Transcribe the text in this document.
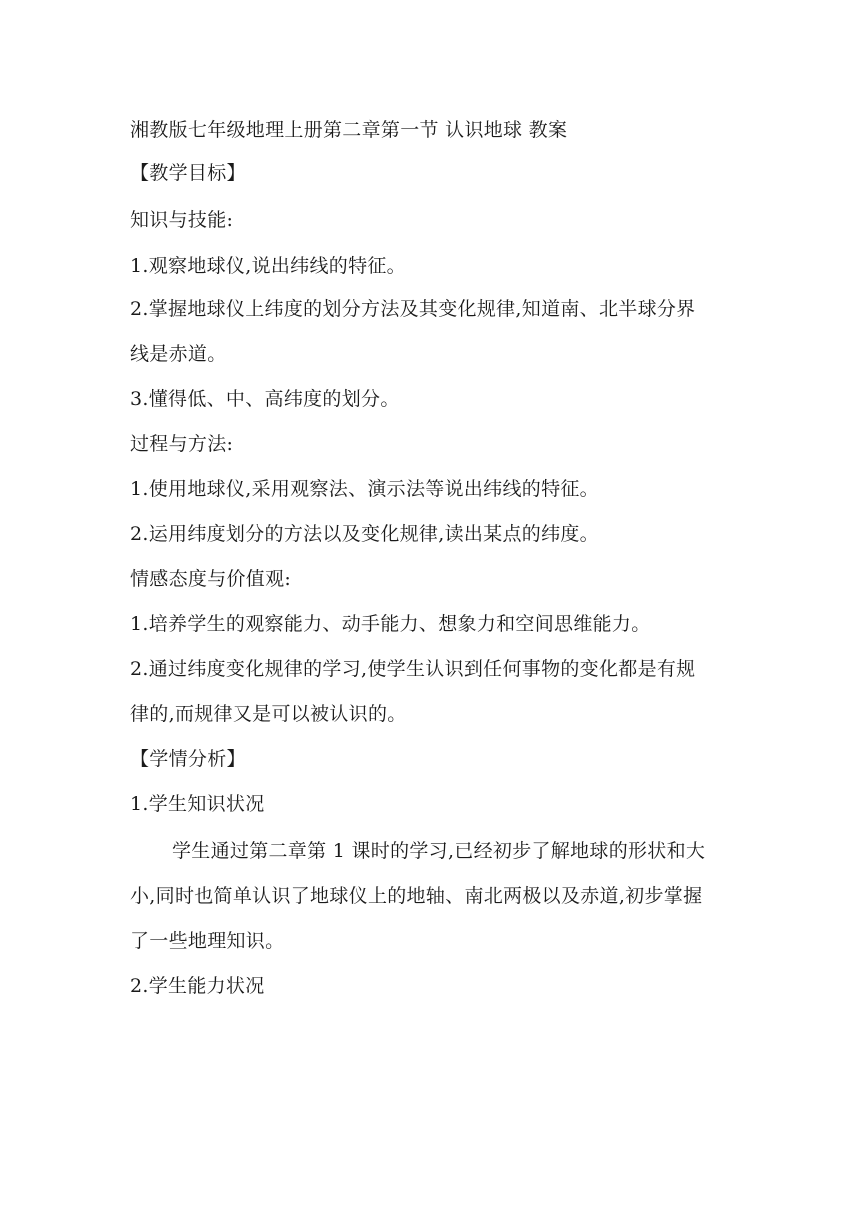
湘教版七年级地理上册第二章第一节 认识地球 教案
【教学目标】
知识与技能:
1.观察地球仪,说出纬线的特征。
2.掌握地球仪上纬度的划分方法及其变化规律,知道南、北半球分界
线是赤道。
3.懂得低、中、高纬度的划分。
过程与方法:
1.使用地球仪,采用观察法、演示法等说出纬线的特征。
2.运用纬度划分的方法以及变化规律,读出某点的纬度。
情感态度与价值观:
1.培养学生的观察能力、动手能力、想象力和空间思维能力。
2.通过纬度变化规律的学习,使学生认识到任何事物的变化都是有规
律的,而规律又是可以被认识的。
【学情分析】
1.学生知识状况
学生通过第二章第 1 课时的学习,已经初步了解地球的形状和大
小,同时也简单认识了地球仪上的地轴、南北两极以及赤道,初步掌握
了一些地理知识。
2.学生能力状况
